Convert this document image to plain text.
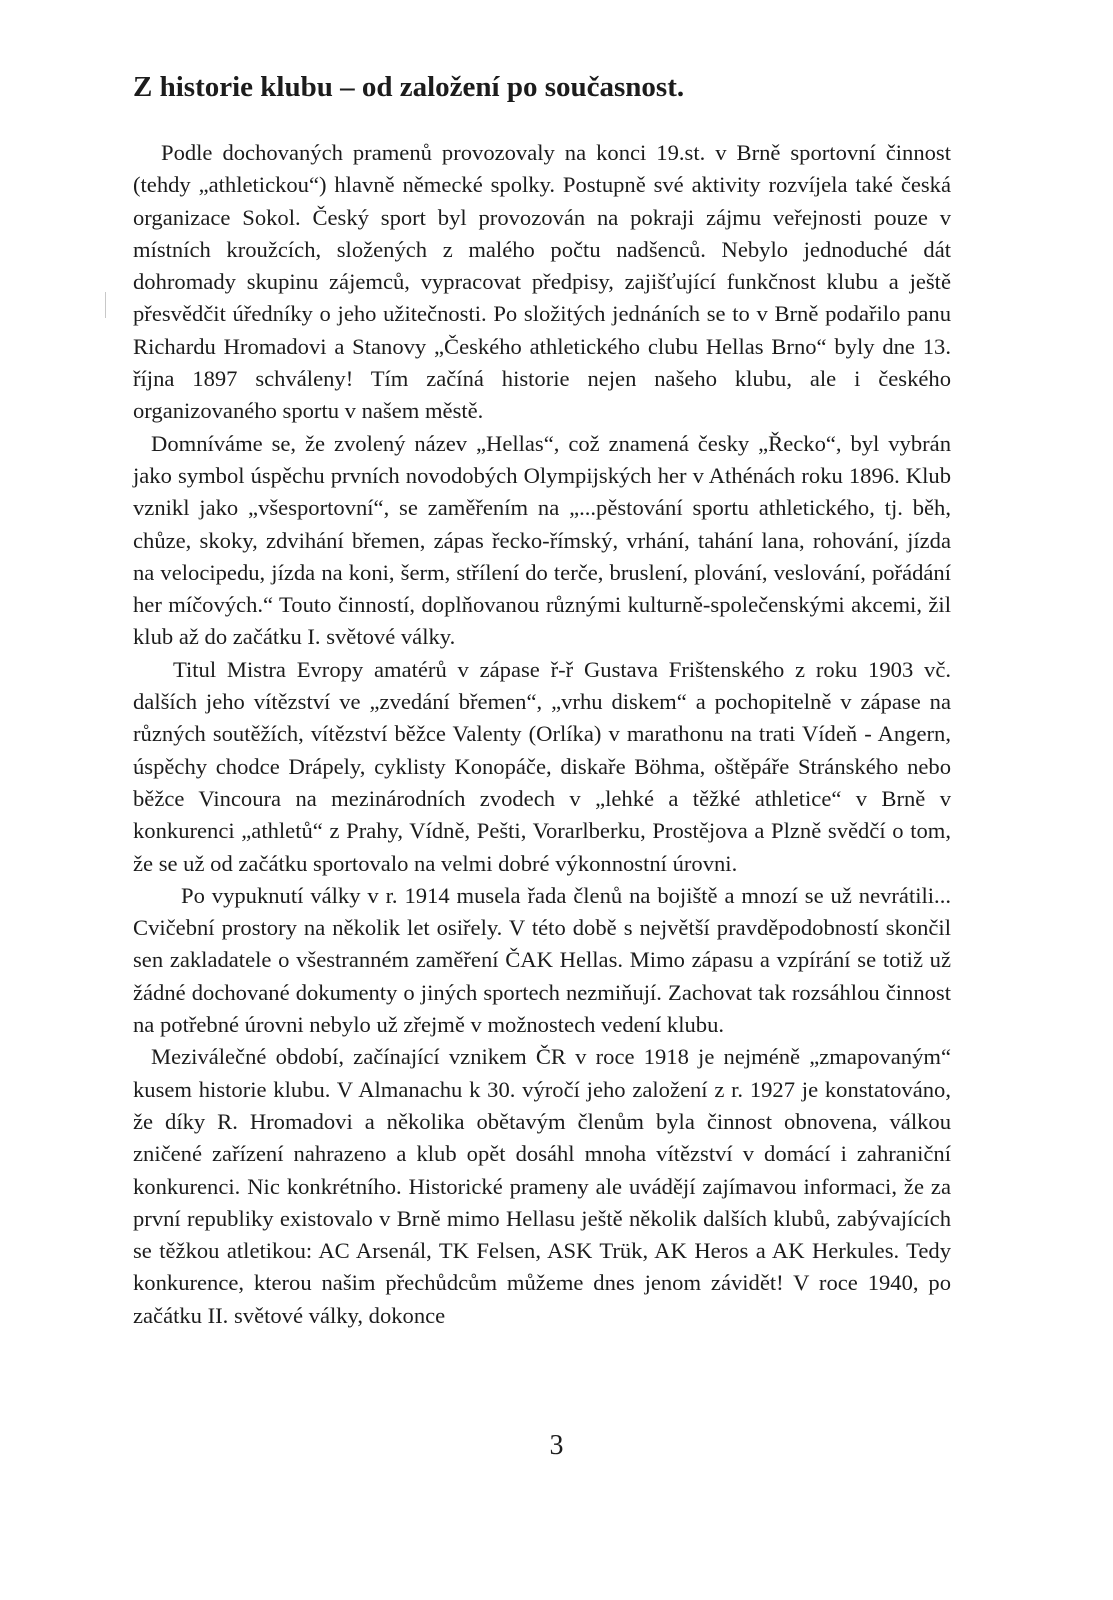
Z historie klubu – od založení po současnost.

Podle dochovaných pramenů provozovaly na konci 19.st. v Brně sportovní činnost (tehdy „athletickou“) hlavně německé spolky. Postupně své aktivity rozvíjela také česká organizace Sokol. Český sport byl provozován na pokraji zájmu veřejnosti pouze v místních kroužcích, složených z malého počtu nadšenců. Nebylo jednoduché dát dohromady skupinu zájemců, vypracovat předpisy, zajišťující funkčnost klubu a ještě přesvědčit úředníky o jeho užitečnosti. Po složitých jednáních se to v Brně podařilo panu Richardu Hromadovi a Stanovy „Českého athletického clubu Hellas Brno“ byly dne 13. října 1897 schváleny! Tím začíná historie nejen našeho klubu, ale i českého organizovaného sportu v našem městě.

Domníváme se, že zvolený název „Hellas“, což znamená česky „Řecko“, byl vybrán jako symbol úspěchu prvních novodobých Olympijských her v Athénách roku 1896. Klub vznikl jako „všesportovní“, se zaměřením na „...pěstování sportu athletického, tj. běh, chůze, skoky, zdvihání břemen, zápas řecko-římský, vrhání, tahání lana, rohování, jízda na velocipedu, jízda na koni, šerm, střílení do terče, bruslení, plování, veslování, pořádání her míčových.“ Touto činností, doplňovanou různými kulturně-společenskými akcemi, žil klub až do začátku I. světové války.

Titul Mistra Evropy amatérů v zápase ř-ř Gustava Frištenského z roku 1903 vč. dalších jeho vítězství ve „zvedání břemen“, „vrhu diskem“ a pochopitelně v zápase na různých soutěžích, vítězství běžce Valenty (Orlíka) v marathonu na trati Vídeň - Angern, úspěchy chodce Drápely, cyklisty Konopáče, diskaře Böhma, oštěpáře Stránského nebo běžce Vincoura na mezinárodních zvodech v „lehké a těžké athletice“ v Brně v konkurenci „athletů“ z Prahy, Vídně, Pešti, Vorarlberku, Prostějova a Plzně svědčí o tom, že se už od začátku sportovalo na velmi dobré výkonnostní úrovni.

Po vypuknutí války v r. 1914 musela řada členů na bojiště a mnozí se už nevrátili... Cvičební prostory na několik let osiřely. V této době s největší pravděpodobností skončil sen zakladatele o všestranném zaměření ČAK Hellas. Mimo zápasu a vzpírání se totiž už žádné dochované dokumenty o jiných sportech nezmiňují. Zachovat tak rozsáhlou činnost na potřebné úrovni nebylo už zřejmě v možnostech vedení klubu.

Meziválečné období, začínající vznikem ČR v roce 1918 je nejméně „zmapovaným“ kusem historie klubu. V Almanachu k 30. výročí jeho založení z r. 1927 je konstatováno, že díky R. Hromadovi a několika obětavým členům byla činnost obnovena, válkou zničené zařízení nahrazeno a klub opět dosáhl mnoha vítězství v domácí i zahraniční konkurenci. Nic konkrétního. Historické prameny ale uvádějí zajímavou informaci, že za první republiky existovalo v Brně mimo Hellasu ještě několik dalších klubů, zabývajících se těžkou atletikou: AC Arsenál, TK Felsen, ASK Trük, AK Heros a AK Herkules. Tedy konkurence, kterou našim přechůdcům můžeme dnes jenom závidět! V roce 1940, po začátku II. světové války, dokonce

3
